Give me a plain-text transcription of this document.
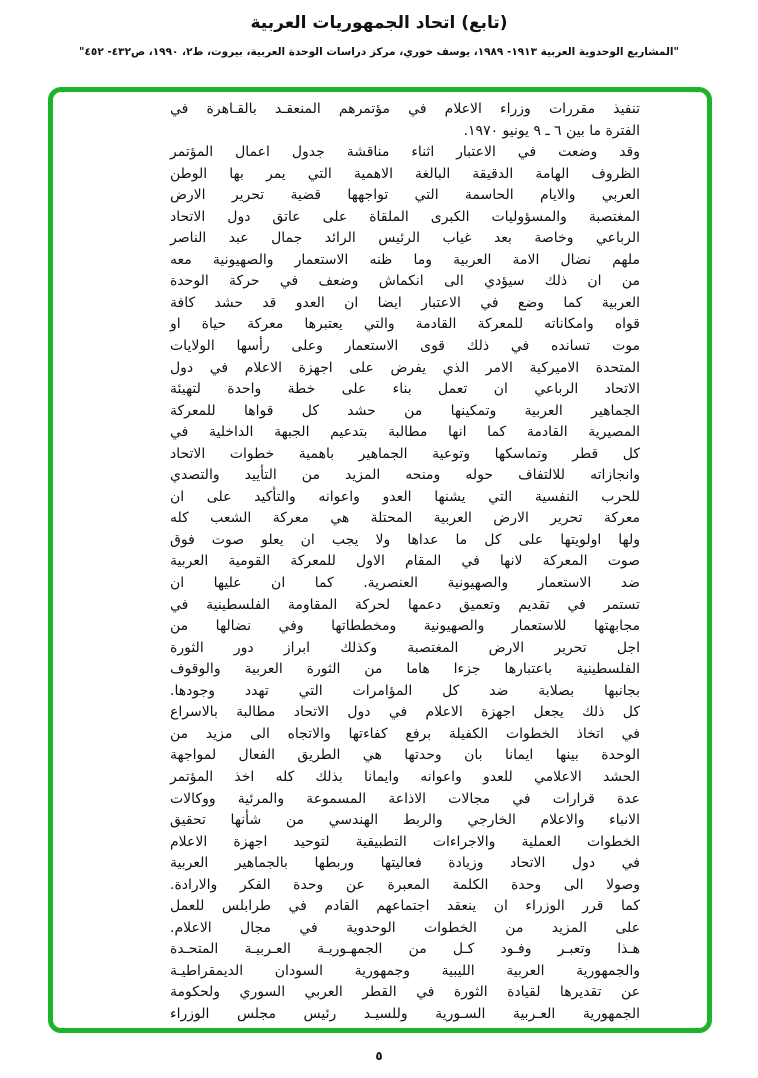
(تابع) اتحاد الجمهوريات العربية
"المشاريع الوحدوية العربية ١٩١٣- ١٩٨٩، يوسف خوري، مركز دراسات الوحدة العربية، بيروت، ط٢، ١٩٩٠، ص٤٣٢- ٤٥٢"
تنفيذ مقررات وزراء الاعلام في مؤتمرهم المنعقـد بالقـاهرة في
الفترة ما بين ٦ ـ ٩ يونيو ١٩٧٠.
وقد وضعت في الاعتبار اثناء مناقشة جدول اعمال المؤتمر
الظروف الهامة الدقيقة البالغة الاهمية التي يمر بها الوطن
العربي والايام الحاسمة التي تواجهها قضية تحرير الارض
المغتصبة والمسؤوليات الكبرى الملقاة على عاتق دول الاتحاد
الرباعي وخاصة بعد غياب الرئيس الرائد جمال عبد الناصر
ملهم نضال الامة العربية وما ظنه الاستعمار والصهيونية معه
من ان ذلك سيؤدي الى انكماش وضعف في حركة الوحدة
العربية كما وضع في الاعتبار ايضا ان العدو قد حشد كافة
قواه وامكاناته للمعركة القادمة والتي يعتبرها معركة حياة او
موت تسانده في ذلك قوى الاستعمار وعلى رأسها الولايات
المتحدة الاميركية الامر الذي يفرض على اجهزة الاعلام في دول
الاتحاد الرباعي ان تعمل بناء على خطة واحدة لتهيئة
الجماهير العربية وتمكينها من حشد كل قواها للمعركة
المصيرية القادمة كما انها مطالبة بتدعيم الجبهة الداخلية في
كل قطر وتماسكها وتوعية الجماهير باهمية خطوات الاتحاد
وانجازاته للالتفاف حوله ومنحه المزيد من التأييد والتصدي
للحرب النفسية التي يشنها العدو واعوانه والتأكيد على ان
معركة تحرير الارض العربية المحتلة هي معركة الشعب كله
ولها اولويتها على كل ما عداها ولا يجب ان يعلو صوت فوق
صوت المعركة لانها في المقام الاول للمعركة القومية العربية
ضد الاستعمار والصهيونية العنصرية. كما ان عليها ان
تستمر في تقديم وتعميق دعمها لحركة المقاومة الفلسطينية في
مجابهتها للاستعمار والصهيونية ومخططاتها وفي نضالها من
اجل تحرير الارض المغتصبة وكذلك ابراز دور الثورة
الفلسطينية باعتبارها جزءا هاما من الثورة العربية والوقوف
بجانبها بصلابة ضد كل المؤامرات التي تهدد وجودها.
كل ذلك يجعل اجهزة الاعلام في دول الاتحاد مطالبة بالاسراع
في اتخاذ الخطوات الكفيلة برفع كفاءتها والاتجاه الى مزيد من
الوحدة بينها ايمانا بان وحدتها هي الطريق الفعال لمواجهة
الحشد الاعلامي للعدو واعوانه وايمانا بذلك كله اخذ المؤتمر
عدة قرارات في مجالات الاذاعة المسموعة والمرئية ووكالات
الانباء والاعلام الخارجي والربط الهندسي من شأنها تحقيق
الخطوات العملية والاجراءات التطبيقية لتوحيد اجهزة الاعلام
في دول الاتحاد وزيادة فعاليتها وربطها بالجماهير العربية
وصولا الى وحدة الكلمة المعبرة عن وحدة الفكر والارادة.
كما قرر الوزراء ان ينعقد اجتماعهم القادم في طرابلس للعمل
على المزيد من الخطوات الوحدوية في مجال الاعلام.
هـذا وتعبـر وفـود كـل من الجمهـوريـة العـربيـة المتحـدة
والجمهورية العربية الليبية وجمهورية السودان الديمقراطيـة
عن تقديرها لقيادة الثورة في القطر العربي السوري ولحكومة
الجمهورية العـربية السـورية وللسيـد رئيس مجلس الوزراء
٥
